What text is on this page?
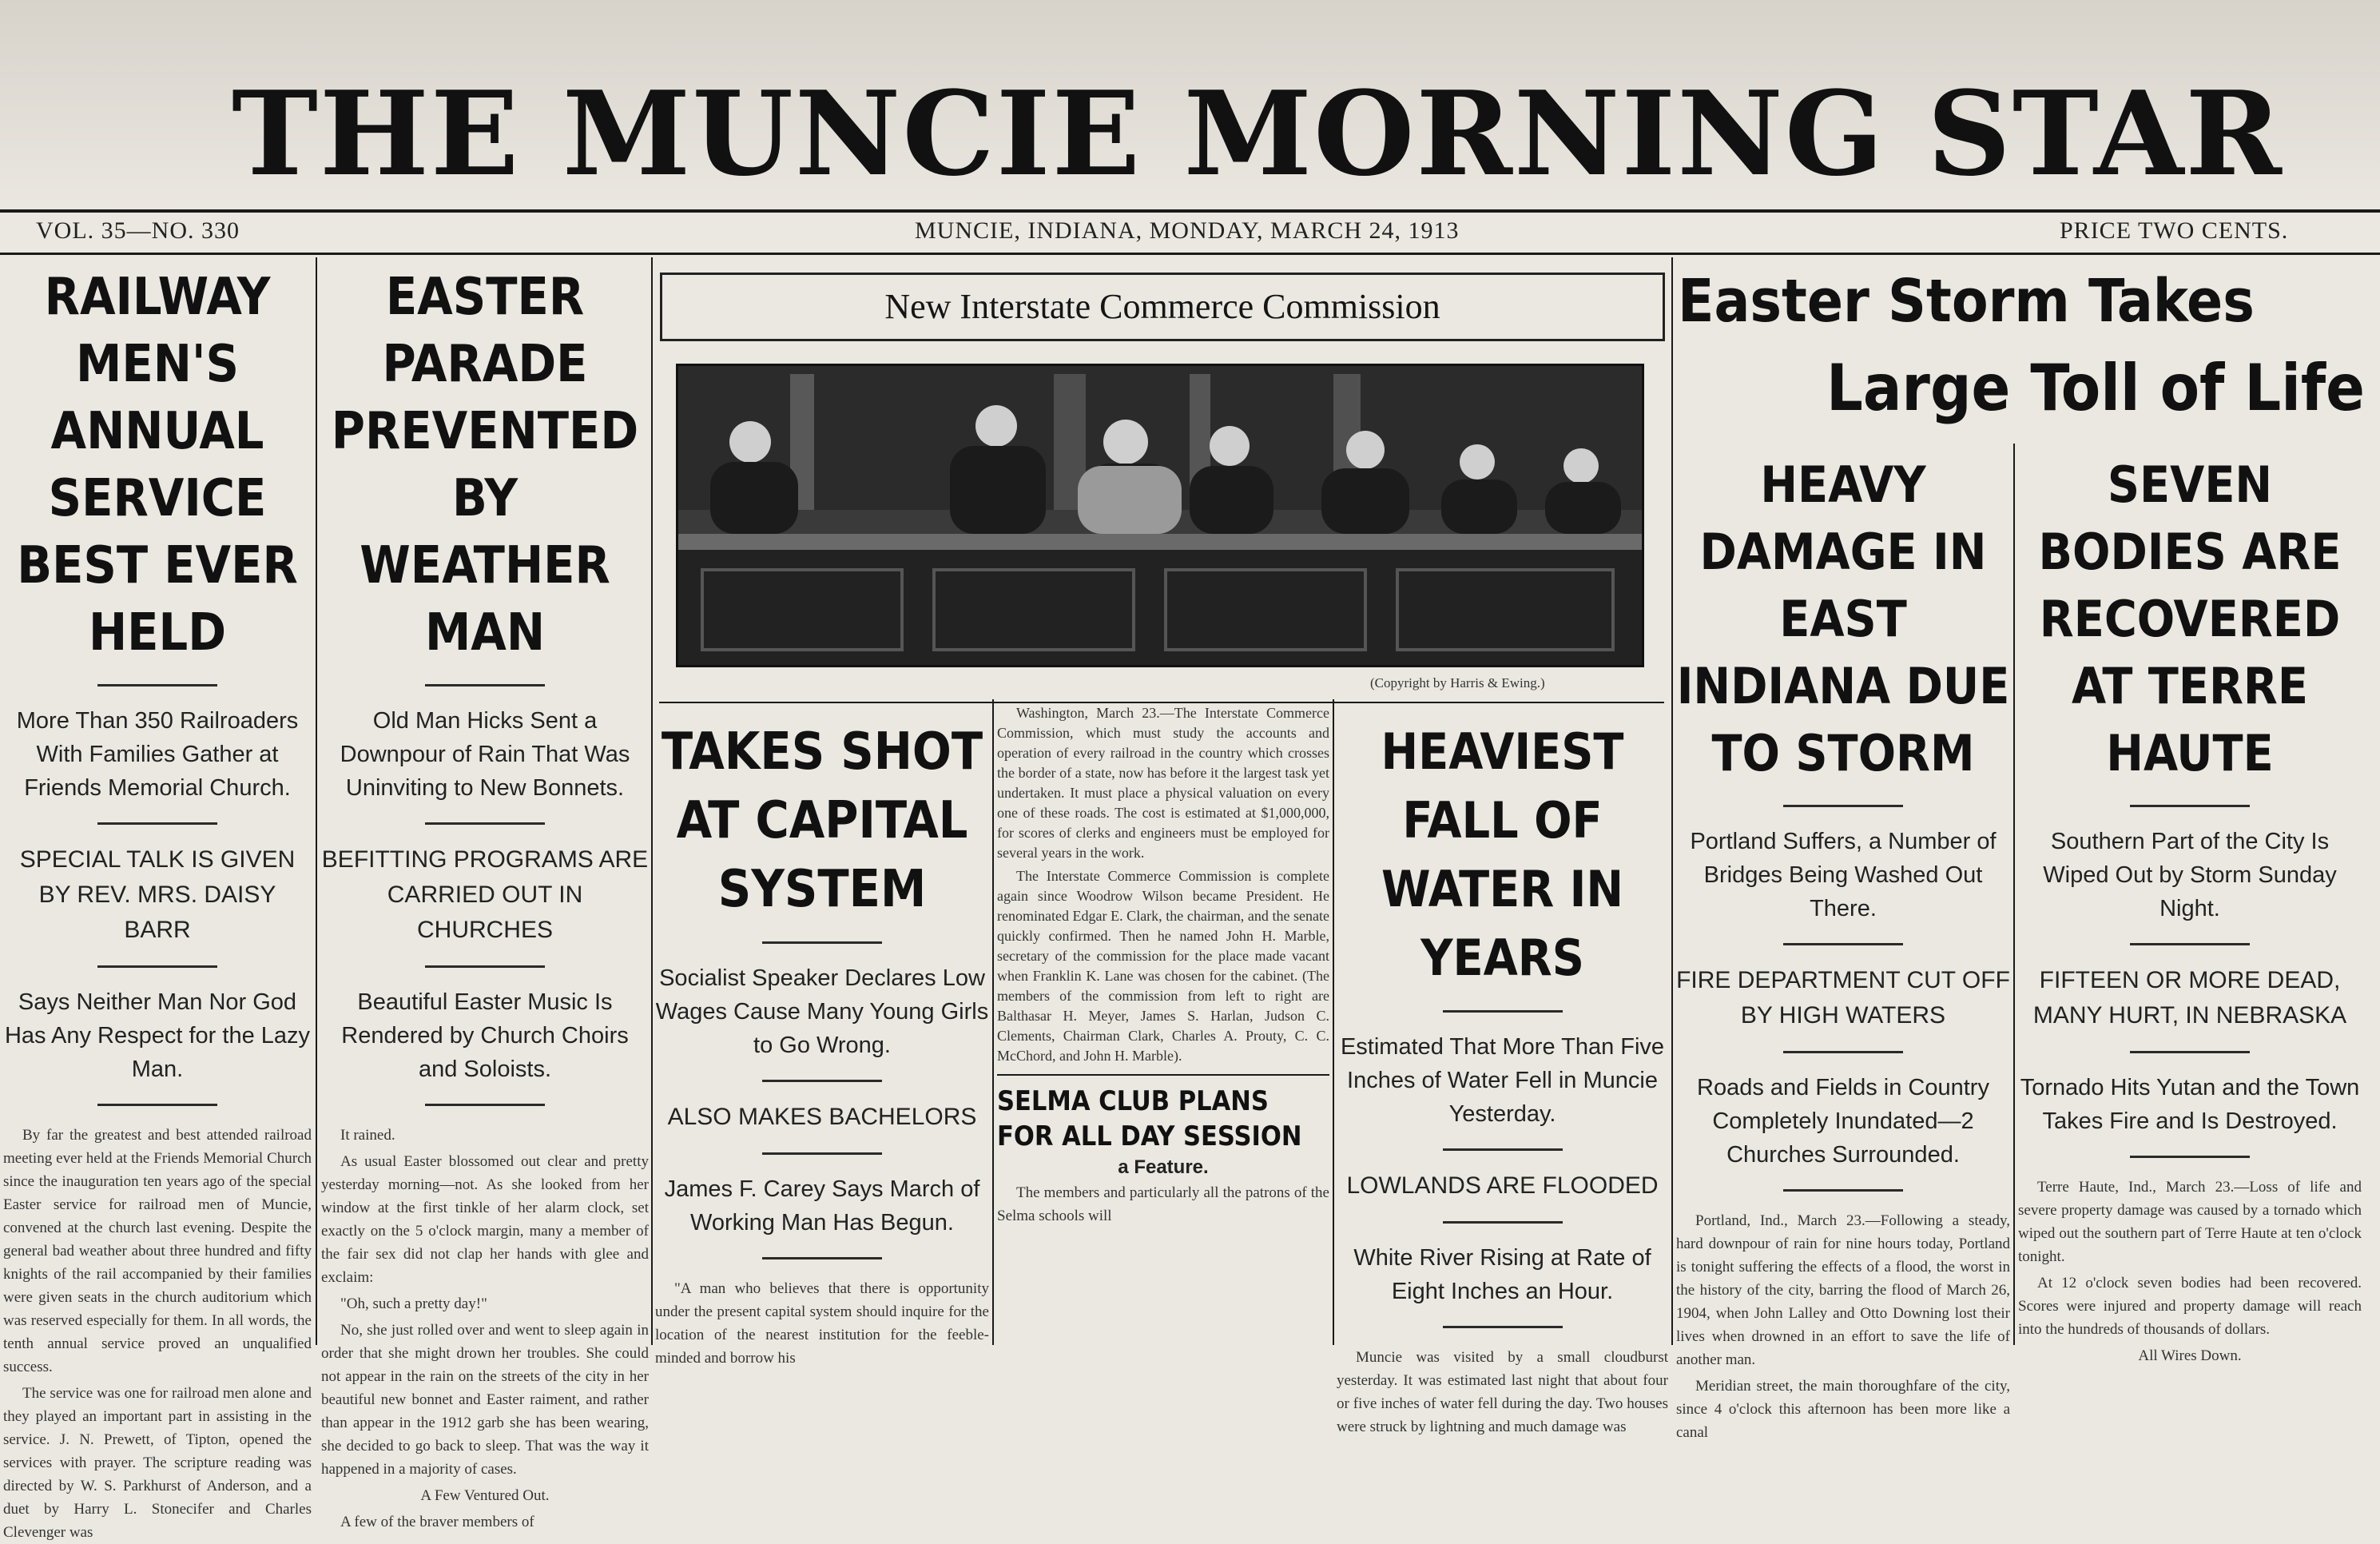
THE MUNCIE MORNING STAR
VOL. 35—NO. 330	MUNCIE, INDIANA, MONDAY, MARCH 24, 1913	PRICE TWO CENTS.
RAILWAY MEN'S ANNUAL SERVICE BEST EVER HELD
More Than 350 Railroaders With Families Gather at Friends Memorial Church.
SPECIAL TALK IS GIVEN BY REV. MRS. DAISY BARR
Says Neither Man Nor God Has Any Respect for the Lazy Man.

By far the greatest and best attended railroad meeting ever held at the Friends Memorial Church since the inauguration ten years ago of the special Easter service for railroad men of Muncie, convened at the church last evening. Despite the general bad weather about three hundred and fifty knights of the rail accompanied by their families were given seats in the church auditorium which was reserved especially for them. In all words, the tenth annual service proved an unqualified success.

The service was one for railroad men alone and they played an important part in assisting in the service. J. N. Prewett, of Tipton, opened the services with prayer. The scripture reading was directed by W. S. Parkhurst of Anderson, and a duet by Harry L. Stonecifer and Charles Clevenger was

EASTER PARADE PREVENTED BY WEATHER MAN
Old Man Hicks Sent a Downpour of Rain That Was Uninviting to New Bonnets.
BEFITTING PROGRAMS ARE CARRIED OUT IN CHURCHES
Beautiful Easter Music Is Rendered by Church Choirs and Soloists.

It rained.

As usual Easter blossomed out clear and pretty yesterday morning—not. As she looked from her window at the first tinkle of her alarm clock, set exactly on the 5 o'clock margin, many a member of the fair sex did not clap her hands with glee and exclaim:

"Oh, such a pretty day!"

No, she just rolled over and went to sleep again in order that she might drown her troubles. She could not appear in the rain on the streets of the city in her beautiful new bonnet and Easter raiment, and rather than appear in the 1912 garb she has been wearing, she decided to go back to sleep. That was the way it happened in a majority of cases.

A Few Ventured Out.

A few of the braver members of

New Interstate Commerce Commission
(Copyright by Harris & Ewing.)
TAKES SHOT AT CAPITAL SYSTEM
Socialist Speaker Declares Low Wages Cause Many Young Girls to Go Wrong.
ALSO MAKES BACHELORS
James F. Carey Says March of Working Man Has Begun.

"A man who believes that there is opportunity under the present capital system should inquire for the location of the nearest institution for the feeble-minded and borrow his

Washington, March 23.—The Interstate Commerce Commission, which must study the accounts and operation of every railroad in the country which crosses the border of a state, now has before it the largest task yet undertaken. It must place a physical valuation on every one of these roads. The cost is estimated at $1,000,000, for scores of clerks and engineers must be employed for several years in the work.

The Interstate Commerce Commission is complete again since Woodrow Wilson became President. He renominated Edgar E. Clark, the chairman, and the senate quickly confirmed. Then he named John H. Marble, secretary of the commission for the place made vacant when Franklin K. Lane was chosen for the cabinet. (The members of the commission from left to right are Balthasar H. Meyer, James S. Harlan, Judson C. Clements, Chairman Clark, Charles A. Prouty, C. C. McChord, and John H. Marble).

SELMA CLUB PLANS FOR ALL DAY SESSION
a Feature.

The members and particularly all the patrons of the Selma schools will

HEAVIEST FALL OF WATER IN YEARS
Estimated That More Than Five Inches of Water Fell in Muncie Yesterday.
LOWLANDS ARE FLOODED
White River Rising at Rate of Eight Inches an Hour.

Muncie was visited by a small cloudburst yesterday. It was estimated last night that about four or five inches of water fell during the day. Two houses were struck by lightning and much damage was

Easter Storm Takes
Large Toll of Life
HEAVY DAMAGE IN EAST INDIANA DUE TO STORM
Portland Suffers, a Number of Bridges Being Washed Out There.
FIRE DEPARTMENT CUT OFF BY HIGH WATERS
Roads and Fields in Country Completely Inundated—2 Churches Surrounded.

Portland, Ind., March 23.—Following a steady, hard downpour of rain for nine hours today, Portland is tonight suffering the effects of a flood, the worst in the history of the city, barring the flood of March 26, 1904, when John Lalley and Otto Downing lost their lives when drowned in an effort to save the life of another man.

Meridian street, the main thoroughfare of the city, since 4 o'clock this afternoon has been more like a canal

SEVEN BODIES ARE RECOVERED AT TERRE HAUTE
Southern Part of the City Is Wiped Out by Storm Sunday Night.
FIFTEEN OR MORE DEAD, MANY HURT, IN NEBRASKA
Tornado Hits Yutan and the Town Takes Fire and Is Destroyed.

Terre Haute, Ind., March 23.—Loss of life and severe property damage was caused by a tornado which wiped out the southern part of Terre Haute at ten o'clock tonight.

At 12 o'clock seven bodies had been recovered. Scores were injured and property damage will reach into the hundreds of thousands of dollars.

All Wires Down.
